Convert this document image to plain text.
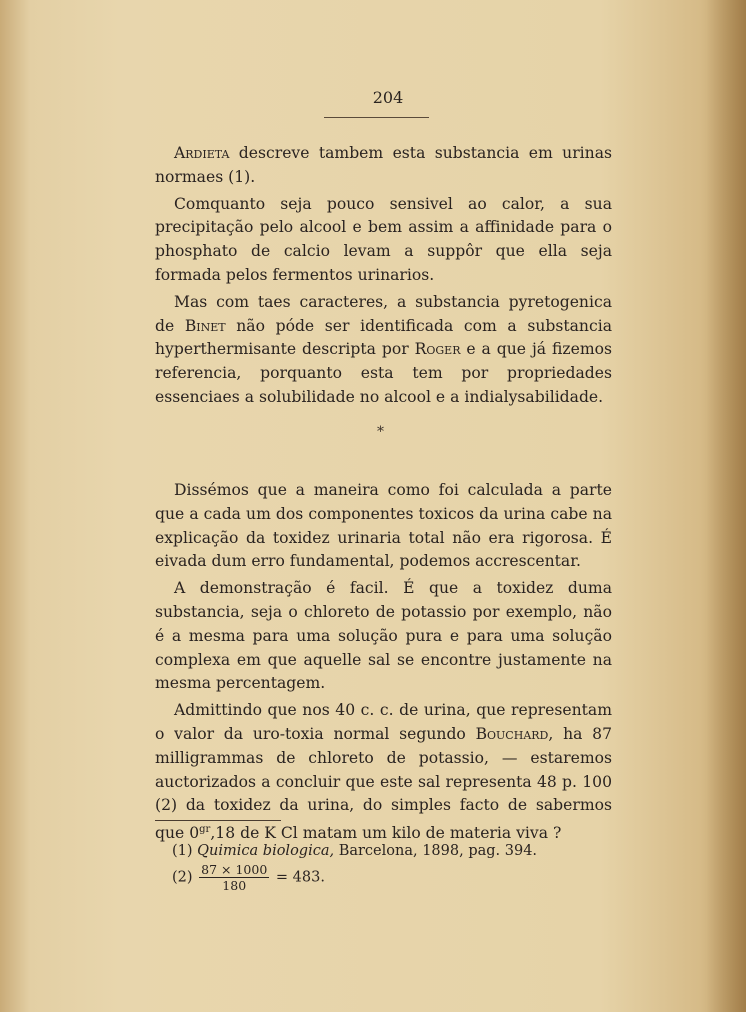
204

Ardieta descreve tambem esta substancia em urinas normaes (1).

Comquanto seja pouco sensivel ao calor, a sua precipitação pelo alcool e bem assim a affinidade para o phosphato de calcio levam a suppôr que ella seja formada pelos fermentos urinarios.

Mas com taes caracteres, a substancia pyretogenica de Binet não póde ser identificada com a substancia hyperthermisante descripta por Roger e a que já fizemos referencia, porquanto esta tem por propriedades essenciaes a solubilidade no alcool e a indialysabilidade.

*

Dissémos que a maneira como foi calculada a parte que a cada um dos componentes toxicos da urina cabe na explicação da toxidez urinaria total não era rigorosa. É eivada dum erro fundamental, podemos accrescentar.

A demonstração é facil. É que a toxidez duma substancia, seja o chloreto de potassio por exemplo, não é a mesma para uma solução pura e para uma solução complexa em que aquelle sal se encontre justamente na mesma percentagem.

Admittindo que nos 40 c. c. de urina, que representam o valor da uro-toxia normal segundo Bouchard, ha 87 milligrammas de chloreto de potassio, — estaremos auctorizados a concluir que este sal representa 48 p. 100 (2) da toxidez da urina, do simples facto de sabermos que $0^{gr},18$ de K Cl matam um kilo de materia viva ?

(1) Quimica biologica, Barcelona, 1898, pag. 394.
$(2) \frac{87 \times 1000}{180} = 483$.
